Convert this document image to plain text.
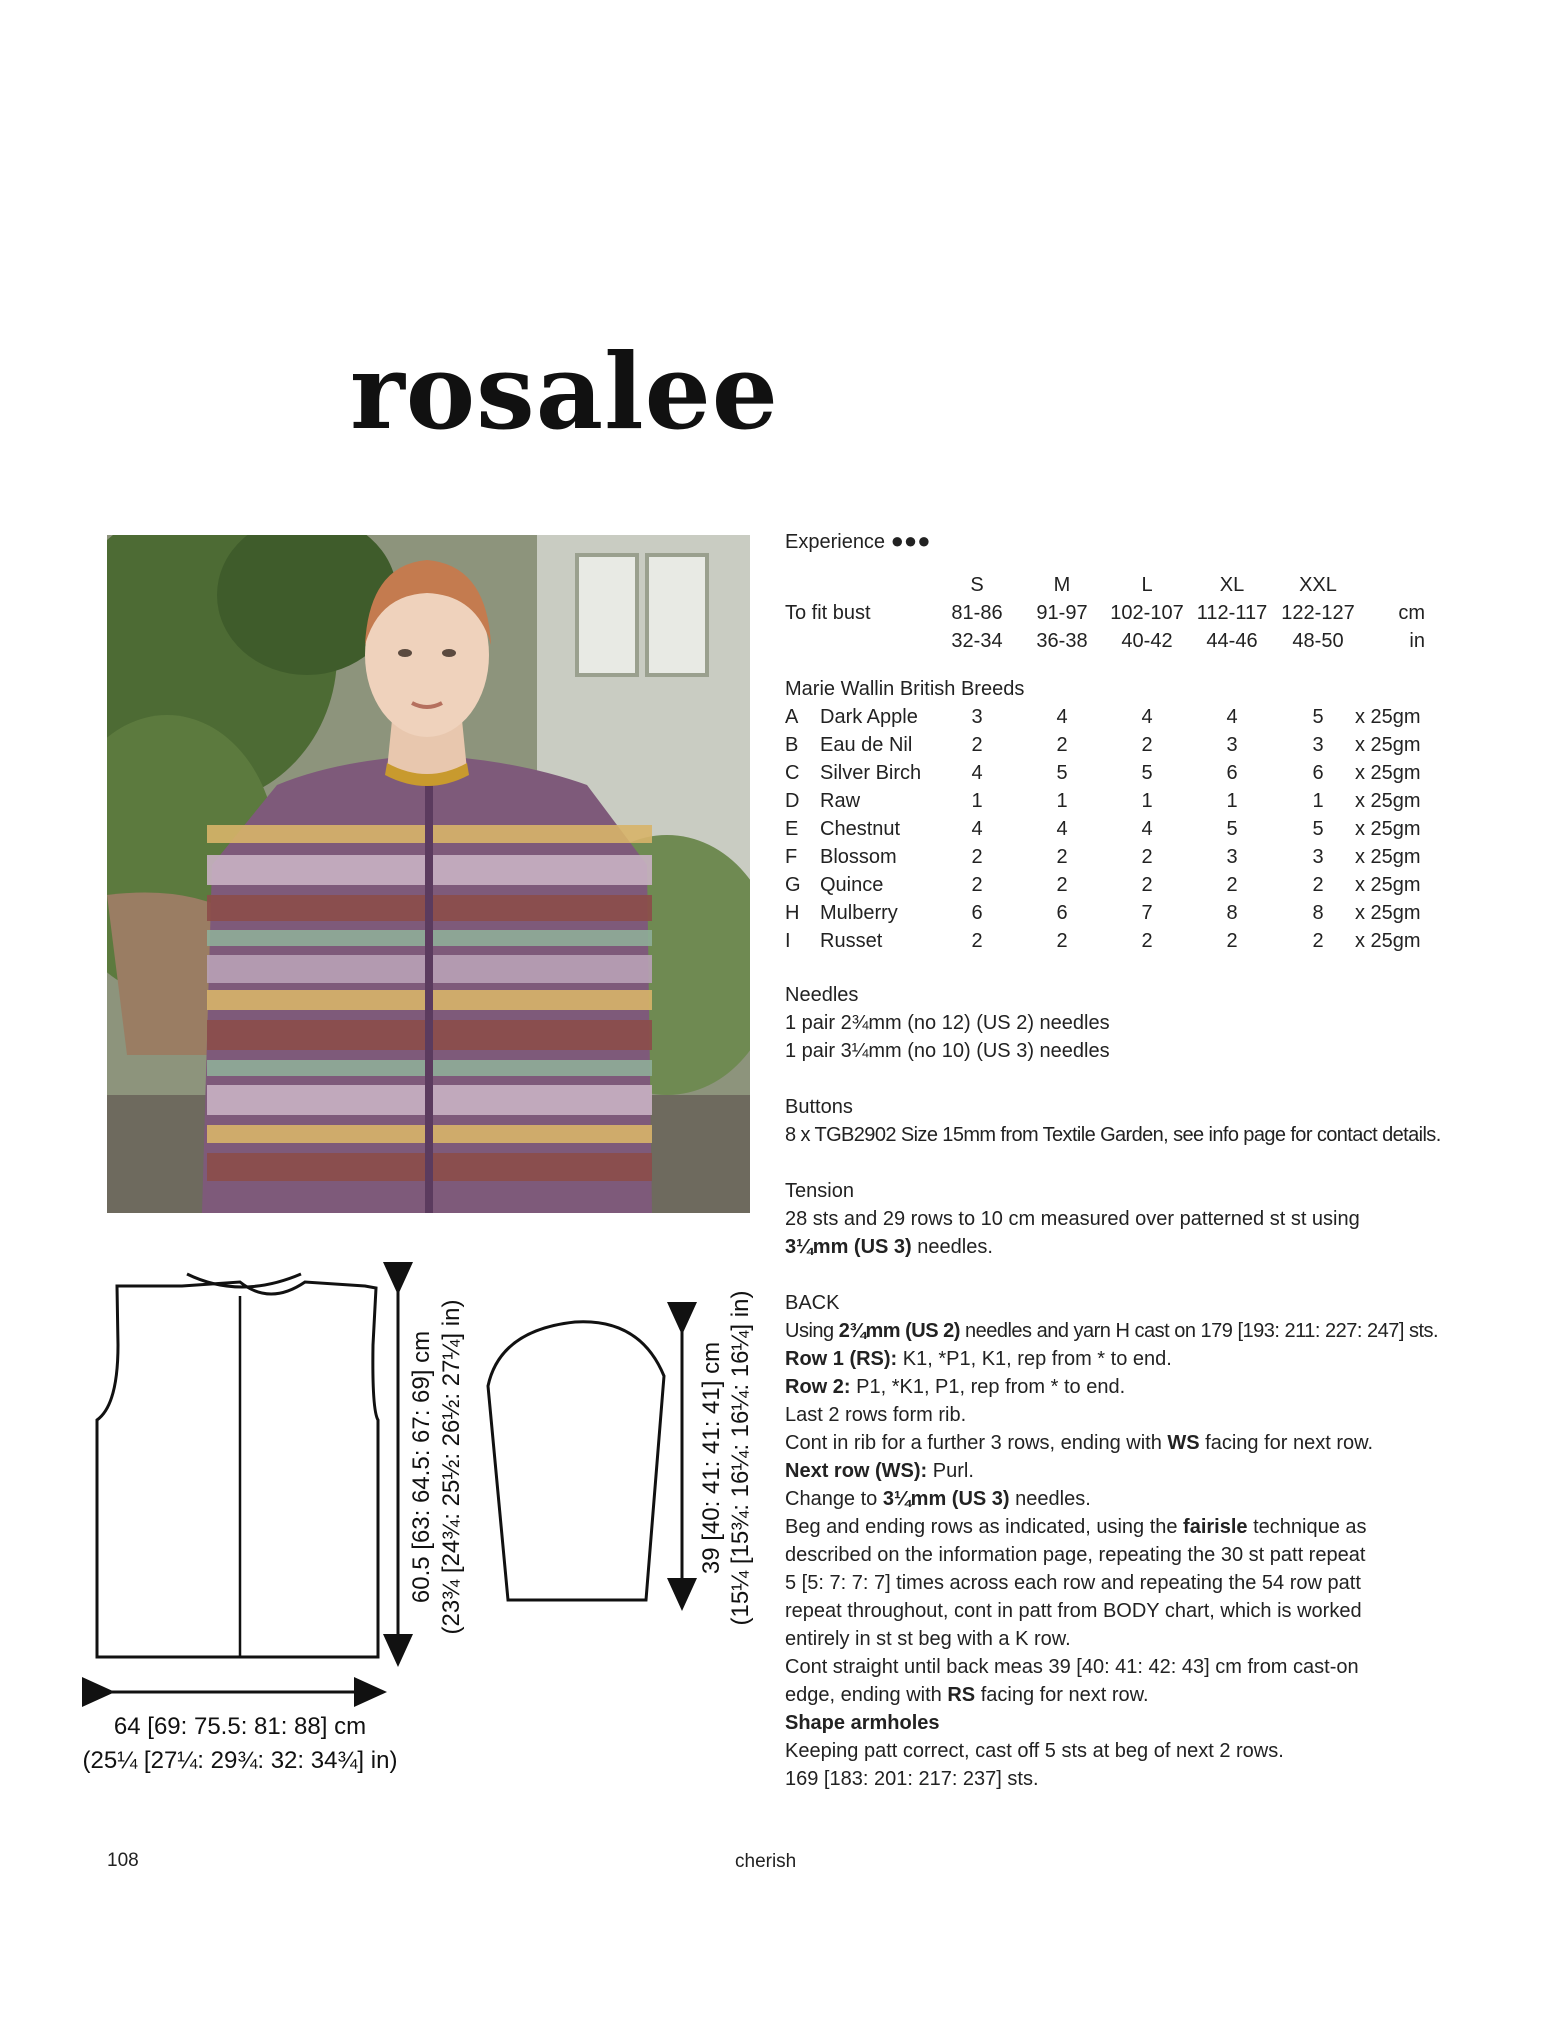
rosalee
Experience ●●●
S	M	L	XL	XXL
To fit bust	81-86	91-97	102-107 112-117 122-127	cm
32-34	36-38	40-42	44-46	48-50	in
Marie Wallin British Breeds
A Dark Apple	3	4	4	4	5	x 25gm
B Eau de Nil	2	2	2	3	3	x 25gm
C Silver Birch	4	5	5	6	6	x 25gm
D Raw	1	1	1	1	1	x 25gm
E Chestnut	4	4	4	5	5	x 25gm
F Blossom	2	2	2	3	3	x 25gm
G Quince	2	2	2	2	2	x 25gm
H Mulberry	6	6	7	8	8	x 25gm
I Russet	2	2	2	2	2	x 25gm
Needles
1 pair 2¾mm (no 12) (US 2) needles
1 pair 3¼mm (no 10) (US 3) needles
Buttons
8 x TGB2902 Size 15mm from Textile Garden, see info page for contact details.
Tension
28 sts and 29 rows to 10 cm measured over patterned st st using
3¼mm (US 3) needles.
BACK
Using 2¾mm (US 2) needles and yarn H cast on 179 [193: 211: 227: 247] sts.
Row 1 (RS): K1, *P1, K1, rep from * to end.
Row 2: P1, *K1, P1, rep from * to end.
Last 2 rows form rib.
Cont in rib for a further 3 rows, ending with WS facing for next row.
Next row (WS): Purl.
Change to 3¼mm (US 3) needles.
Beg and ending rows as indicated, using the fairisle technique as
described on the information page, repeating the 30 st patt repeat
5 [5: 7: 7: 7] times across each row and repeating the 54 row patt
repeat throughout, cont in patt from BODY chart, which is worked
entirely in st st beg with a K row.
Cont straight until back meas 39 [40: 41: 42: 43] cm from cast-on
edge, ending with RS facing for next row.
Shape armholes
Keeping patt correct, cast off 5 sts at beg of next 2 rows.
169 [183: 201: 217: 237] sts.
64 [69: 75.5: 81: 88] cm
(25¼ [27¼: 29¾: 32: 34¾] in)
60.5 [63: 64.5: 67: 69] cm (23¾ [24¾: 25½: 26½: 27¼] in)	39 [40: 41: 41: 41] cm (15¼ [15¾: 16¼: 16¼: 16¼] in)
108	cherish
